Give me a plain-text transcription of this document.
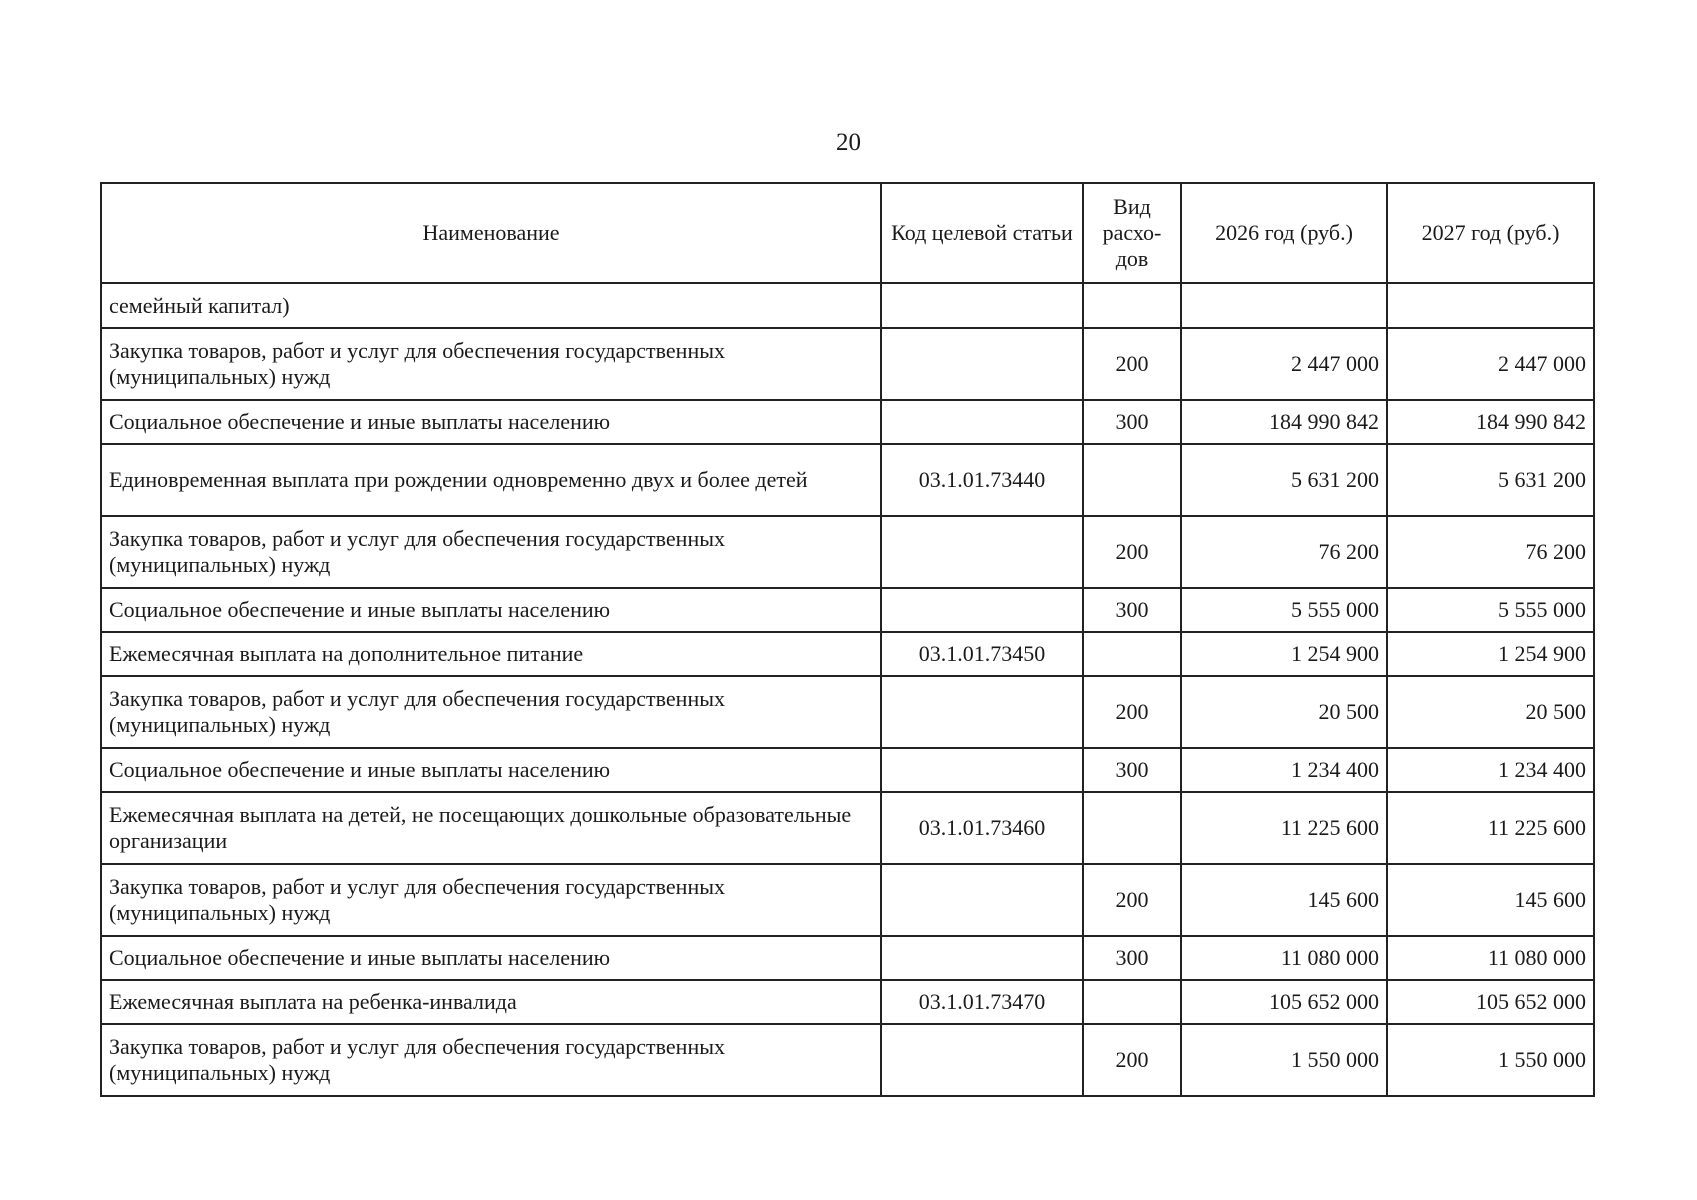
20
Наименование	Код целевой статьи	Вид расхо-дов	2026 год (руб.)	2027 год (руб.)
семейный капитал)				
Закупка товаров, работ и услуг для обеспечения государственных (муниципальных) нужд		200	2 447 000	2 447 000
Социальное обеспечение и иные выплаты населению		300	184 990 842	184 990 842
Единовременная выплата при рождении одновременно двух и более детей	03.1.01.73440		5 631 200	5 631 200
Закупка товаров, работ и услуг для обеспечения государственных (муниципальных) нужд		200	76 200	76 200
Социальное обеспечение и иные выплаты населению		300	5 555 000	5 555 000
Ежемесячная выплата на дополнительное питание	03.1.01.73450		1 254 900	1 254 900
Закупка товаров, работ и услуг для обеспечения государственных (муниципальных) нужд		200	20 500	20 500
Социальное обеспечение и иные выплаты населению		300	1 234 400	1 234 400
Ежемесячная выплата на детей, не посещающих дошкольные образовательные организации	03.1.01.73460		11 225 600	11 225 600
Закупка товаров, работ и услуг для обеспечения государственных (муниципальных) нужд		200	145 600	145 600
Социальное обеспечение и иные выплаты населению		300	11 080 000	11 080 000
Ежемесячная выплата на ребенка-инвалида	03.1.01.73470		105 652 000	105 652 000
Закупка товаров, работ и услуг для обеспечения государственных (муниципальных) нужд		200	1 550 000	1 550 000
